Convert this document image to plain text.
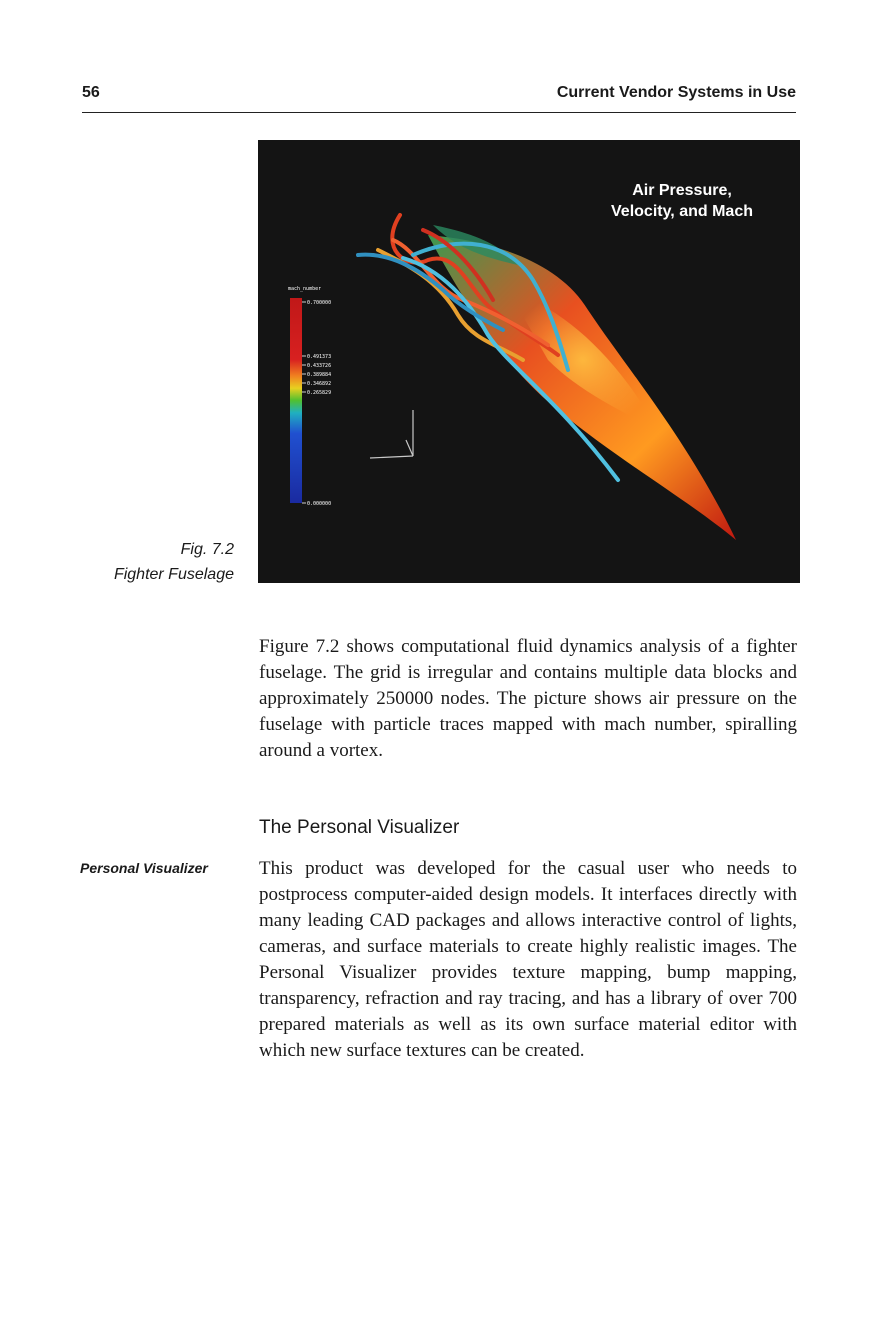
56	Current Vendor Systems in Use
Air Pressure,
Velocity, and Mach
mach_number
0.700000
0.491373
0.433726
0.389884
0.346892
0.265829
0.000000
Fig. 7.2
Fighter Fuselage

Figure 7.2 shows computational fluid dynamics analysis of a fighter fuselage. The grid is irregular and contains multiple data blocks and approximately 250000 nodes. The picture shows air pressure on the fuselage with particle traces mapped with mach number, spiralling around a vortex.

The Personal Visualizer
Personal Visualizer	This product was developed for the casual user who needs to postprocess computer-aided design models. It interfaces directly with many leading CAD packages and allows interactive control of lights, cameras, and surface materials to create highly realistic images. The Personal Visualizer provides texture mapping, bump mapping, transparency, refraction and ray tracing, and has a library of over 700 prepared materials as well as its own surface material editor with which new surface textures can be created.
